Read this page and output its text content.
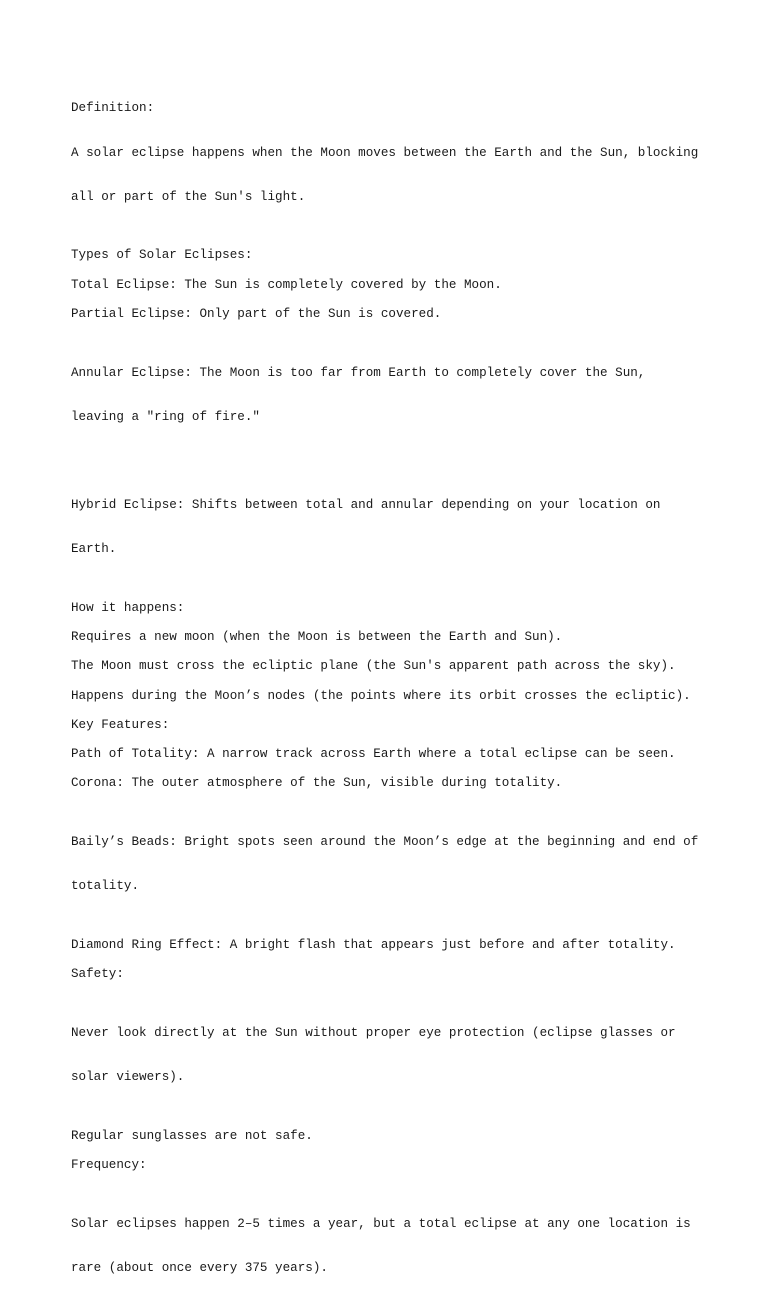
Definition:

A solar eclipse happens when the Moon moves between the Earth and the Sun, blocking

all or part of the Sun's light.

Types of Solar Eclipses:
Total Eclipse: The Sun is completely covered by the Moon.
Partial Eclipse: Only part of the Sun is covered.

Annular Eclipse: The Moon is too far from Earth to completely cover the Sun,

leaving a "ring of fire."

Hybrid Eclipse: Shifts between total and annular depending on your location on

Earth.

How it happens:
Requires a new moon (when the Moon is between the Earth and Sun).
The Moon must cross the ecliptic plane (the Sun's apparent path across the sky).
Happens during the Moon’s nodes (the points where its orbit crosses the ecliptic).
Key Features:
Path of Totality: A narrow track across Earth where a total eclipse can be seen.
Corona: The outer atmosphere of the Sun, visible during totality.

Baily’s Beads: Bright spots seen around the Moon’s edge at the beginning and end of

totality.

Diamond Ring Effect: A bright flash that appears just before and after totality.
Safety:

Never look directly at the Sun without proper eye protection (eclipse glasses or

solar viewers).

Regular sunglasses are not safe.
Frequency:

Solar eclipses happen 2–5 times a year, but a total eclipse at any one location is

rare (about once every 375 years).
